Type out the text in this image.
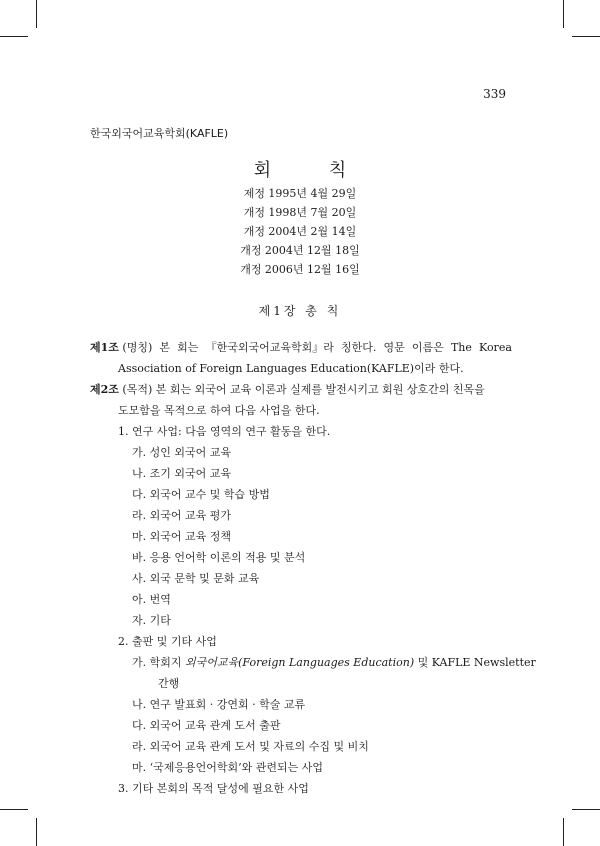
339
한국외국어교육학회(KAFLE)
회 칙
제정 1995년 4월 29일
개정 1998년 7월 20일
개정 2004년 2월 14일
개정 2004년 12월 18일
개정 2006년 12월 16일
제1장 총 칙
제1조 (명칭) 본 회는 『한국외국어교육학회』라 칭한다. 영문 이름은 The Korea
Association of Foreign Languages Education(KAFLE)이라 한다.
제2조 (목적) 본 회는 외국어 교육 이론과 실제를 발전시키고 회원 상호간의 친목을
도모함을 목적으로 하여 다음 사업을 한다.
1. 연구 사업: 다음 영역의 연구 활동을 한다.
가. 성인 외국어 교육
나. 조기 외국어 교육
다. 외국어 교수 및 학습 방법
라. 외국어 교육 평가
마. 외국어 교육 정책
바. 응용 언어학 이론의 적용 및 분석
사. 외국 문학 및 문화 교육
아. 번역
자. 기타
2. 출판 및 기타 사업
가. 학회지 외국어교육(Foreign Languages Education) 및 KAFLE Newsletter
간행
나. 연구 발표회 · 강연회 · 학술 교류
다. 외국어 교육 관계 도서 출판
라. 외국어 교육 관계 도서 및 자료의 수집 및 비치
마. ‘국제응용언어학회’와 관련되는 사업
3. 기타 본회의 목적 달성에 필요한 사업
